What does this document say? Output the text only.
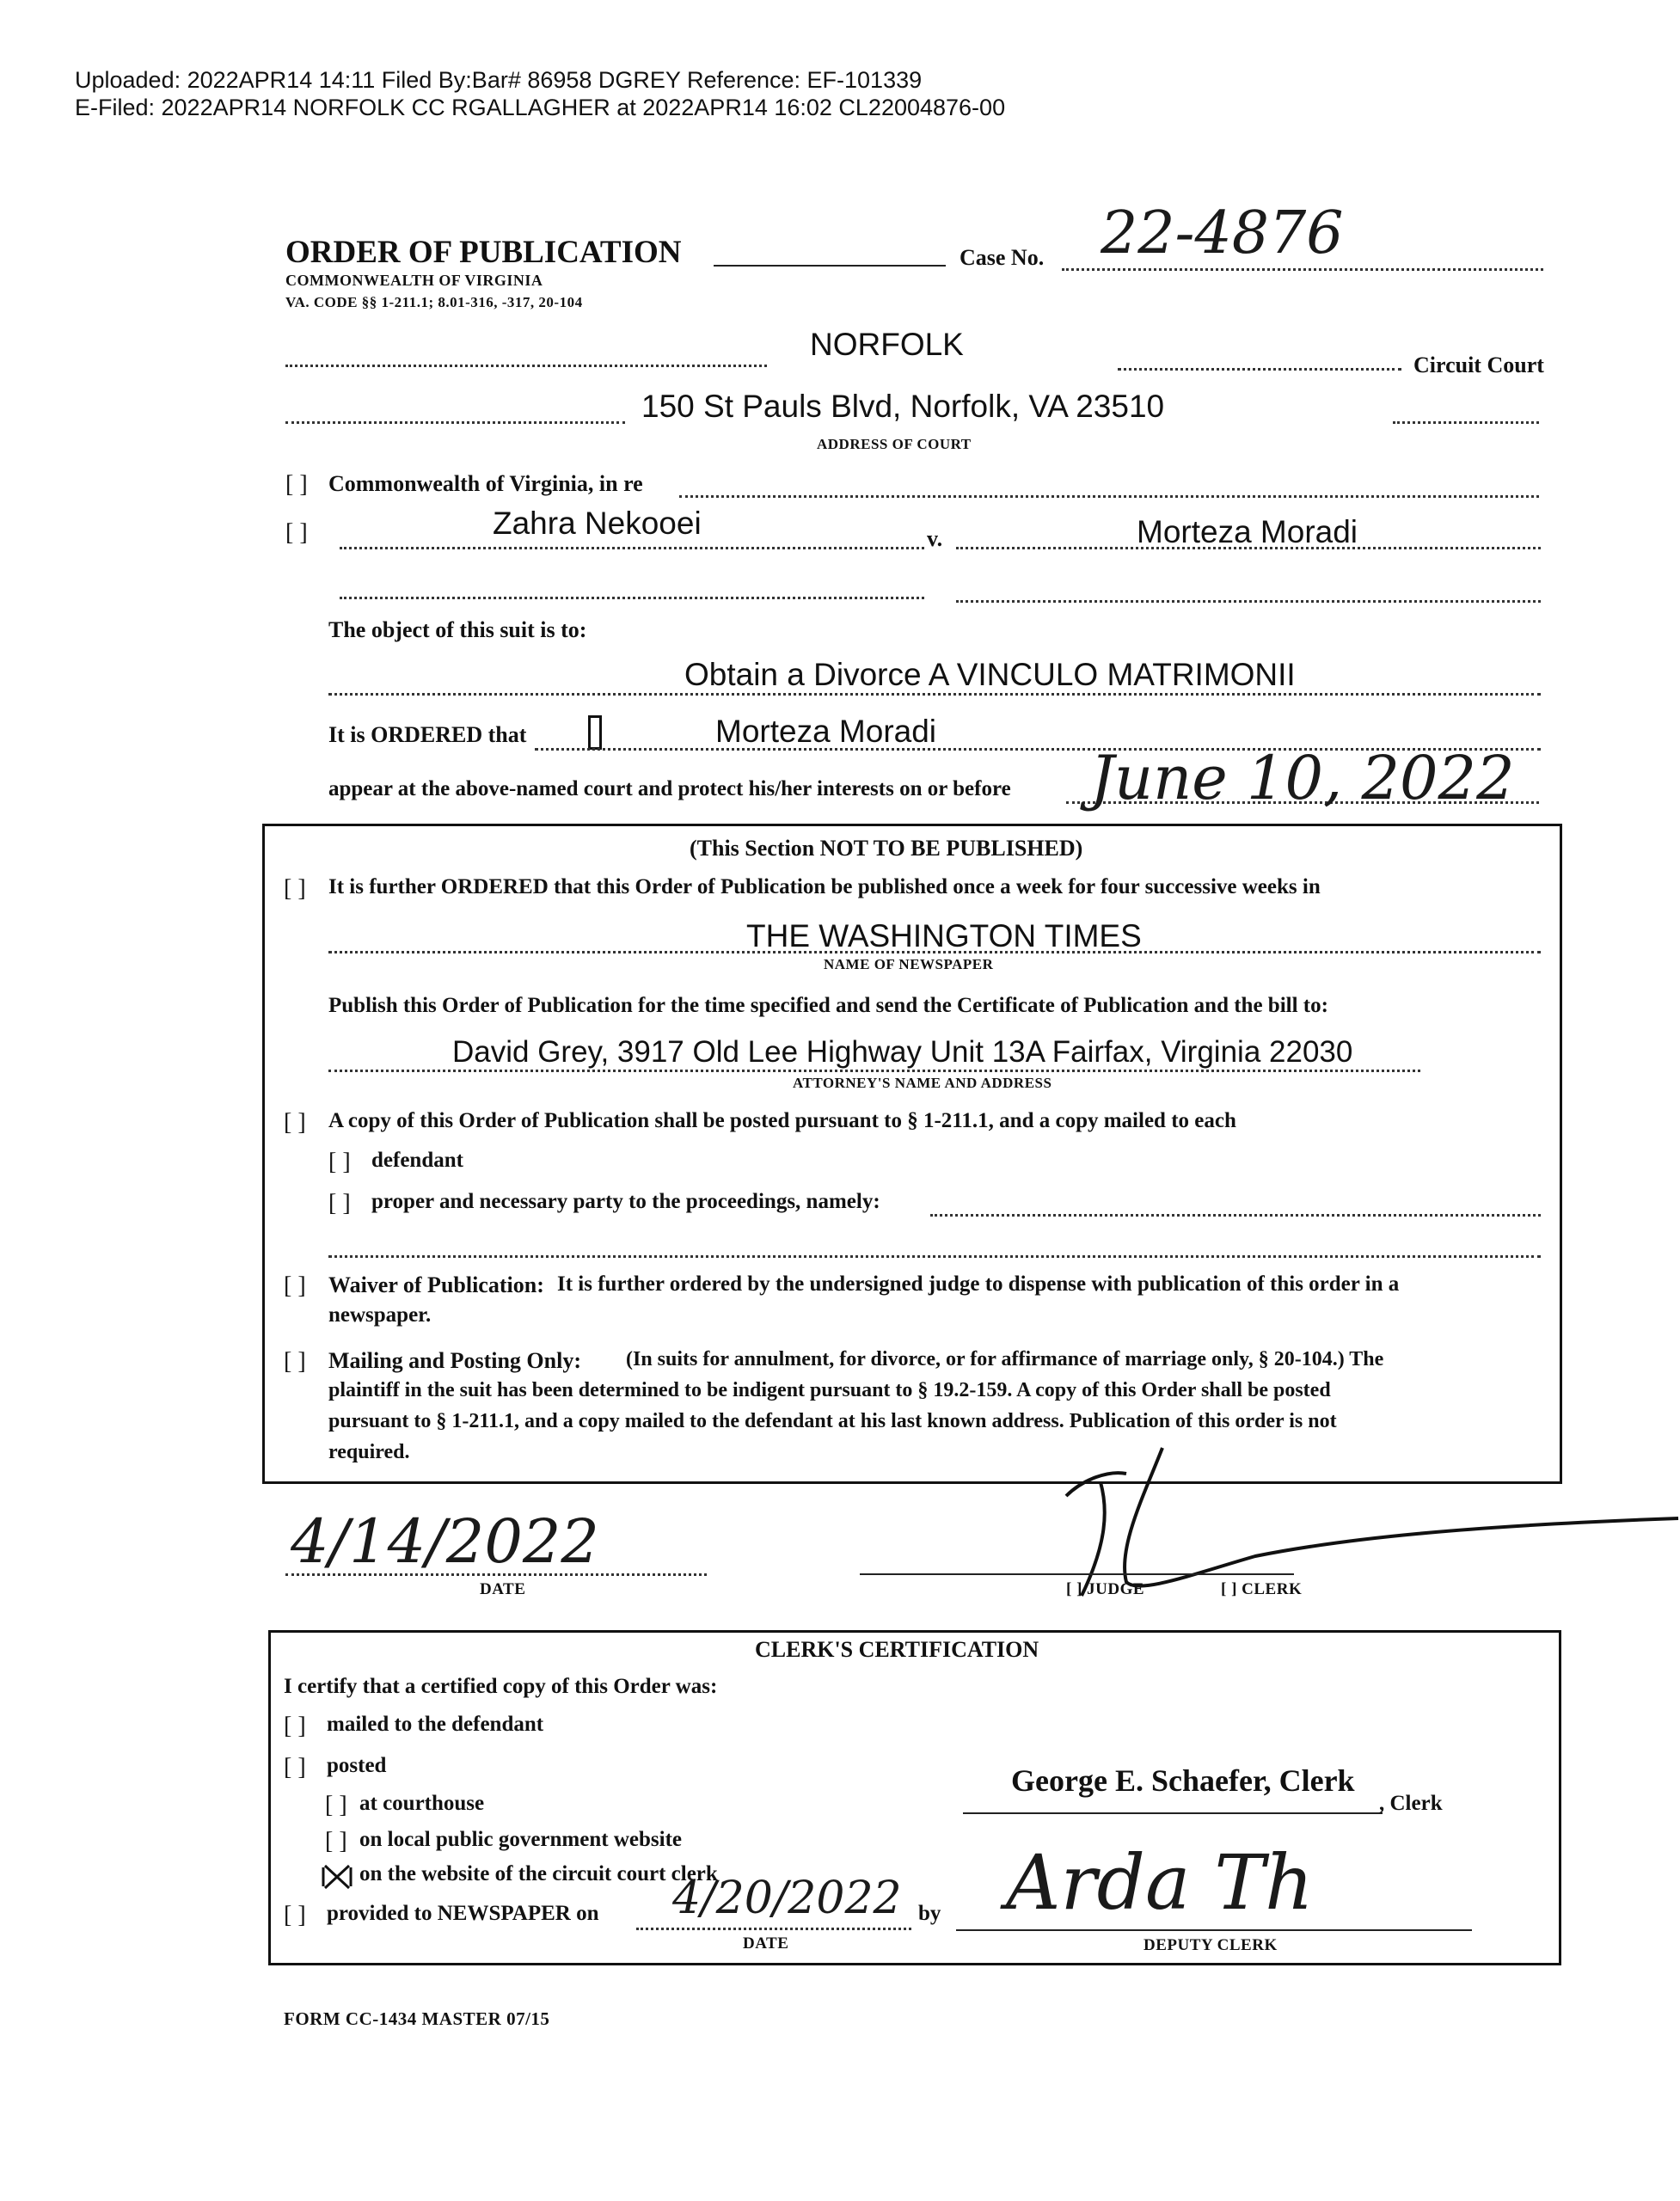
Uploaded: 2022APR14 14:11 Filed By:Bar# 86958 DGREY Reference: EF-101339
E-Filed: 2022APR14 NORFOLK CC RGALLAGHER at 2022APR14 16:02 CL22004876-00
ORDER OF PUBLICATION
COMMONWEALTH OF VIRGINIA
VA. CODE §§ 1-211.1; 8.01-316, -317, 20-104
Case No. 22-4876
NORFOLK
Circuit Court
150 St Pauls Blvd, Norfolk, VA 23510
ADDRESS OF COURT
[ ] Commonwealth of Virginia, in re
[ ]	Zahra Nekooei	v.	Morteza Moradi
The object of this suit is to:
Obtain a Divorce A VINCULO MATRIMONII
It is ORDERED that	Morteza Moradi
appear at the above-named court and protect his/her interests on or before June 10, 2022
(This Section NOT TO BE PUBLISHED)
[ ] It is further ORDERED that this Order of Publication be published once a week for four successive weeks in
THE WASHINGTON TIMES
NAME OF NEWSPAPER
Publish this Order of Publication for the time specified and send the Certificate of Publication and the bill to:
David Grey, 3917 Old Lee Highway Unit 13A Fairfax, Virginia 22030
ATTORNEY'S NAME AND ADDRESS
[ ] A copy of this Order of Publication shall be posted pursuant to § 1-211.1, and a copy mailed to each
[ ] defendant
[ ] proper and necessary party to the proceedings, namely:
[ ] Waiver of Publication: It is further ordered by the undersigned judge to dispense with publication of this order in a
newspaper.
[ ] Mailing and Posting Only: (In suits for annulment, for divorce, or for affirmance of marriage only, § 20-104.) The
plaintiff in the suit has been determined to be indigent pursuant to § 19.2-159. A copy of this Order shall be posted
pursuant to § 1-211.1, and a copy mailed to the defendant at his last known address. Publication of this order is not
required.
4/14/2022
DATE	[ ] JUDGE	[ ] CLERK
CLERK'S CERTIFICATION
I certify that a certified copy of this Order was:
[ ] mailed to the defendant
[ ] posted
[ ] at courthouse
[ ] on local public government website
on the website of the circuit court clerk
[ ] provided to NEWSPAPER on 4/20/2022
DATE
by
George E. Schaefer, Clerk
, Clerk
Arda Th
DEPUTY CLERK
FORM CC-1434 MASTER 07/15
